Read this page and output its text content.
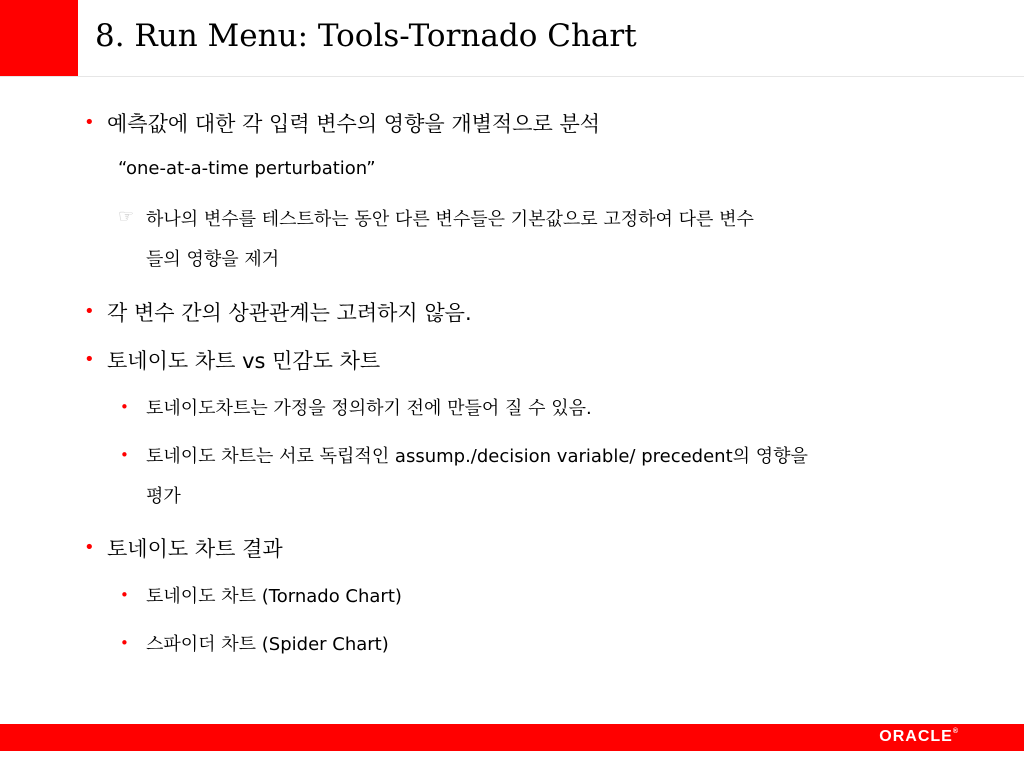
8. Run Menu: Tools-Tornado Chart
• 예측값에 대한 각 입력 변수의 영향을 개별적으로 분석
“one-at-a-time perturbation”
☞ 하나의 변수를 테스트하는 동안 다른 변수들은 기본값으로 고정하여 다른 변수
들의 영향을 제거
• 각 변수 간의 상관관계는 고려하지 않음.
• 토네이도 차트 vs 민감도 차트
• 토네이도차트는 가정을 정의하기 전에 만들어 질 수 있음.
• 토네이도 차트는 서로 독립적인 assump./decision variable/ precedent의 영향을
평가
• 토네이도 차트 결과
• 토네이도 차트 (Tornado Chart)
• 스파이더 차트 (Spider Chart)
ORACLE®
